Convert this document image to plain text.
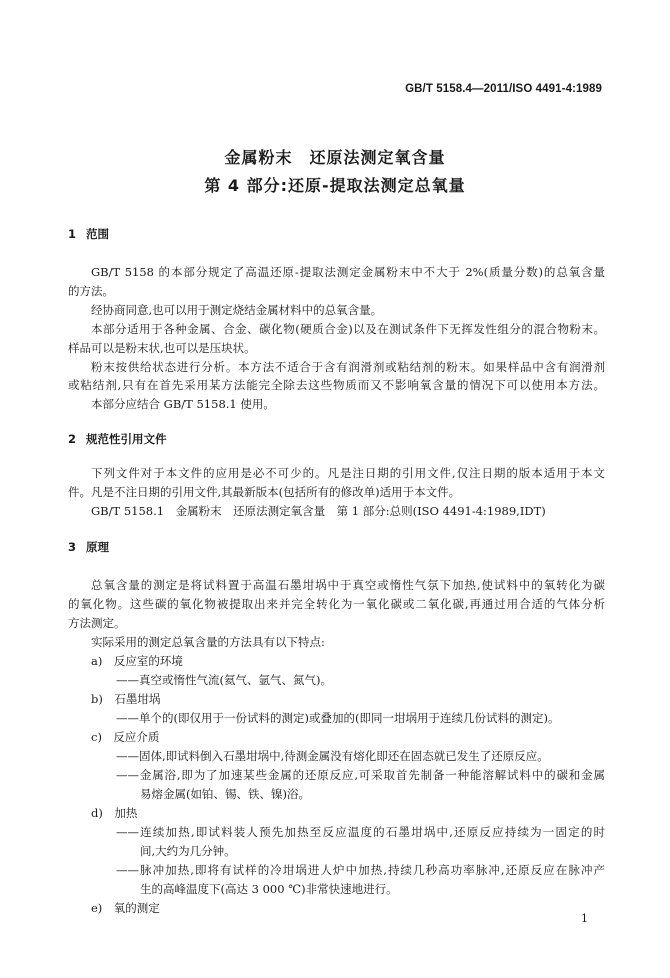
GB/T 5158.4—2011/ISO 4491-4:1989
金属粉末　还原法测定氧含量
第 4 部分:还原-提取法测定总氧量
1 范围
GB/T 5158 的本部分规定了高温还原-提取法测定金属粉末中不大于 2%(质量分数)的总氧含量
的方法。
经协商同意,也可以用于测定烧结金属材料中的总氧含量。
本部分适用于各种金属、合金、碳化物(硬质合金)以及在测试条件下无挥发性组分的混合物粉末。
样品可以是粉末状,也可以是压块状。
粉末按供给状态进行分析。本方法不适合于含有润滑剂或粘结剂的粉末。如果样品中含有润滑剂
或粘结剂,只有在首先采用某方法能完全除去这些物质而又不影响氧含量的情况下可以使用本方法。
本部分应结合 GB/T 5158.1 使用。
2 规范性引用文件
下列文件对于本文件的应用是必不可少的。凡是注日期的引用文件,仅注日期的版本适用于本文
件。凡是不注日期的引用文件,其最新版本(包括所有的修改单)适用于本文件。
GB/T 5158.1　金属粉末　还原法测定氧含量　第 1 部分:总则(ISO 4491-4:1989,IDT)
3 原理
总氧含量的测定是将试料置于高温石墨坩埚中于真空或惰性气氛下加热,使试料中的氧转化为碳
的氧化物。这些碳的氧化物被提取出来并完全转化为一氧化碳或二氧化碳,再通过用合适的气体分析
方法测定。
实际采用的测定总氧含量的方法具有以下特点:
a)　反应室的环境
——真空或惰性气流(氦气、氩气、氮气)。
b)　石墨坩埚
——单个的(即仅用于一份试料的测定)或叠加的(即同一坩埚用于连续几份试料的测定)。
c)　反应介质
——固体,即试料倒入石墨坩埚中,待测金属没有熔化即还在固态就已发生了还原反应。
——金属浴,即为了加速某些金属的还原反应,可采取首先制备一种能溶解试料中的碳和金属
易熔金属(如铂、锡、铁、镍)浴。
d)　加热
——连续加热,即试料装人预先加热至反应温度的石墨坩埚中,还原反应持续为一固定的时
间,大约为几分钟。
——脉冲加热,即将有试样的冷坩埚进人炉中加热,持续几秒高功率脉冲,还原反应在脉冲产
生的高峰温度下(高达 3 000 ℃)非常快速地进行。
e)　氧的测定
1
